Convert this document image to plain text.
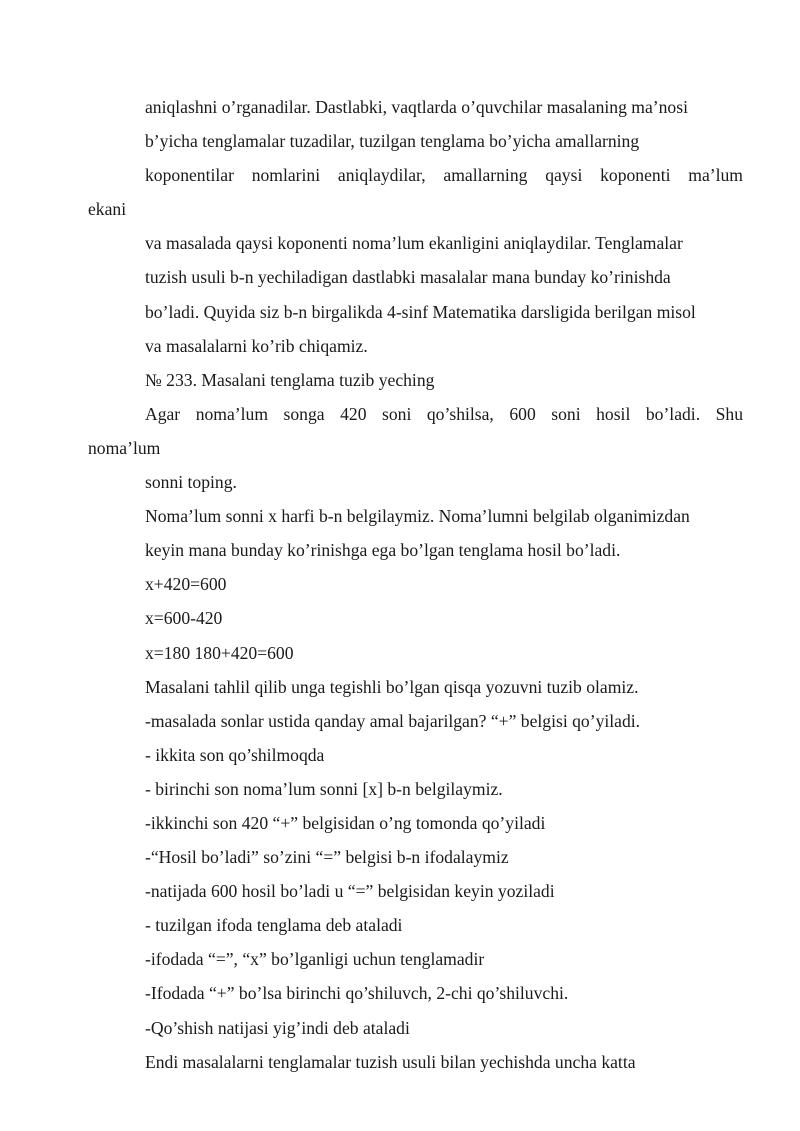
aniqlashni o’rganadilar. Dastlabki, vaqtlarda o’quvchilar masalaning ma’nosi
b’yicha tenglamalar tuzadilar, tuzilgan tenglama bo’yicha amallarning
koponentilar nomlarini aniqlaydilar, amallarning qaysi koponenti ma’lum
ekani
va masalada qaysi koponenti noma’lum ekanligini aniqlaydilar. Tenglamalar
tuzish usuli b-n yechiladigan dastlabki masalalar mana bunday ko’rinishda
bo’ladi. Quyida siz b-n birgalikda 4-sinf Matematika darsligida berilgan misol
va masalalarni ko’rib chiqamiz.
№ 233. Masalani tenglama tuzib yeching
Agar noma’lum songa 420 soni qo’shilsa, 600 soni hosil bo’ladi. Shu
noma’lum
sonni toping.
Noma’lum sonni x harfi b-n belgilaymiz. Noma’lumni belgilab olganimizdan
keyin mana bunday ko’rinishga ega bo’lgan tenglama hosil bo’ladi.
x+420=600
x=600-420
x=180 180+420=600
Masalani tahlil qilib unga tegishli bo’lgan qisqa yozuvni tuzib olamiz.
-masalada sonlar ustida qanday amal bajarilgan? “+” belgisi qo’yiladi.
- ikkita son qo’shilmoqda
- birinchi son noma’lum sonni [x] b-n belgilaymiz.
-ikkinchi son 420 “+” belgisidan o’ng tomonda qo’yiladi
-“Hosil bo’ladi” so’zini “=” belgisi b-n ifodalaymiz
-natijada 600 hosil bo’ladi u “=” belgisidan keyin yoziladi
- tuzilgan ifoda tenglama deb ataladi
-ifodada “=”, “x” bo’lganligi uchun tenglamadir
-Ifodada “+” bo’lsa birinchi qo’shiluvch, 2-chi qo’shiluvchi.
-Qo’shish natijasi yig’indi deb ataladi
Endi masalalarni tenglamalar tuzish usuli bilan yechishda uncha katta
